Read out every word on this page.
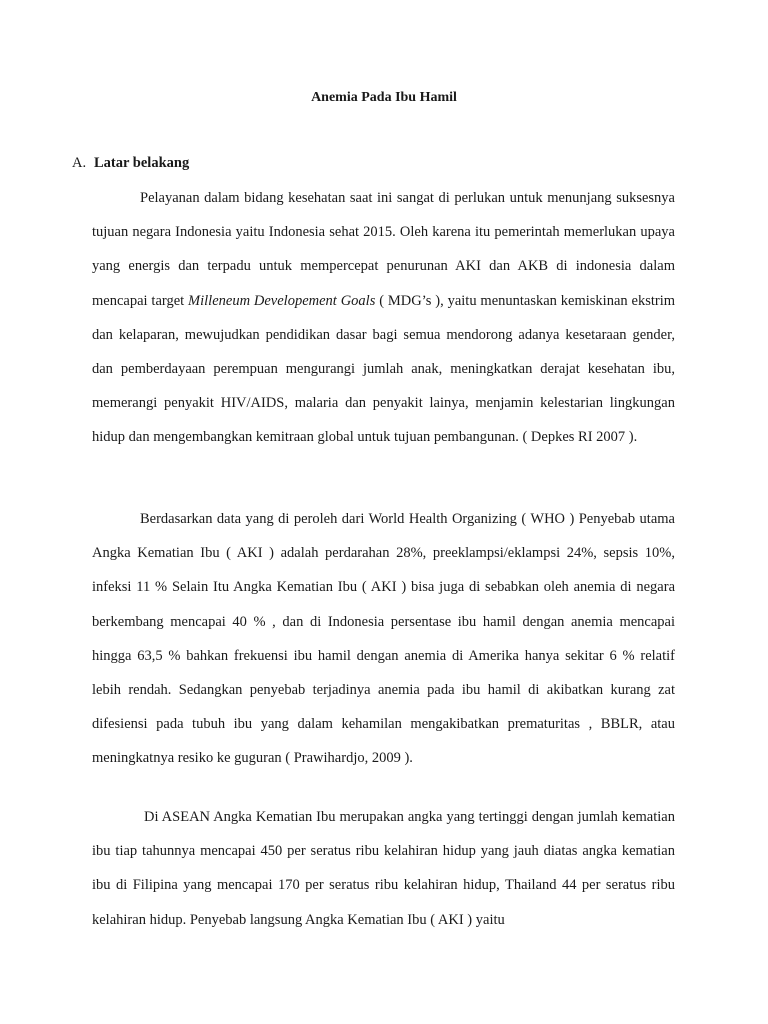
Anemia Pada Ibu Hamil
A. Latar belakang

Pelayanan dalam bidang kesehatan saat ini sangat di perlukan untuk menunjang suksesnya tujuan negara Indonesia yaitu Indonesia sehat 2015. Oleh karena itu pemerintah memerlukan upaya yang energis dan terpadu untuk mempercepat penurunan AKI dan AKB di indonesia dalam mencapai target Milleneum Developement Goals ( MDG’s ), yaitu menuntaskan kemiskinan ekstrim dan kelaparan, mewujudkan pendidikan dasar bagi semua mendorong adanya kesetaraan gender, dan pemberdayaan perempuan mengurangi jumlah anak, meningkatkan derajat kesehatan ibu, memerangi penyakit HIV/AIDS, malaria dan penyakit lainya, menjamin kelestarian lingkungan hidup dan mengembangkan kemitraan global untuk tujuan pembangunan. ( Depkes RI 2007 ).

Berdasarkan data yang di peroleh dari World Health Organizing ( WHO ) Penyebab utama Angka Kematian Ibu ( AKI ) adalah perdarahan 28%, preeklampsi/eklampsi 24%, sepsis 10%, infeksi 11 % Selain Itu Angka Kematian Ibu ( AKI ) bisa juga di sebabkan oleh anemia di negara berkembang mencapai 40 % , dan di Indonesia persentase ibu hamil dengan anemia mencapai hingga 63,5 % bahkan frekuensi ibu hamil dengan anemia di Amerika hanya sekitar 6 % relatif lebih rendah. Sedangkan penyebab terjadinya anemia pada ibu hamil di akibatkan kurang zat difesiensi pada tubuh ibu yang dalam kehamilan mengakibatkan prematuritas , BBLR, atau meningkatnya resiko ke guguran ( Prawihardjo, 2009 ).

Di ASEAN Angka Kematian Ibu merupakan angka yang tertinggi dengan jumlah kematian ibu tiap tahunnya mencapai 450 per seratus ribu kelahiran hidup yang jauh diatas angka kematian ibu di Filipina yang mencapai 170 per seratus ribu kelahiran hidup, Thailand 44 per seratus ribu kelahiran hidup. Penyebab langsung Angka Kematian Ibu ( AKI ) yaitu
